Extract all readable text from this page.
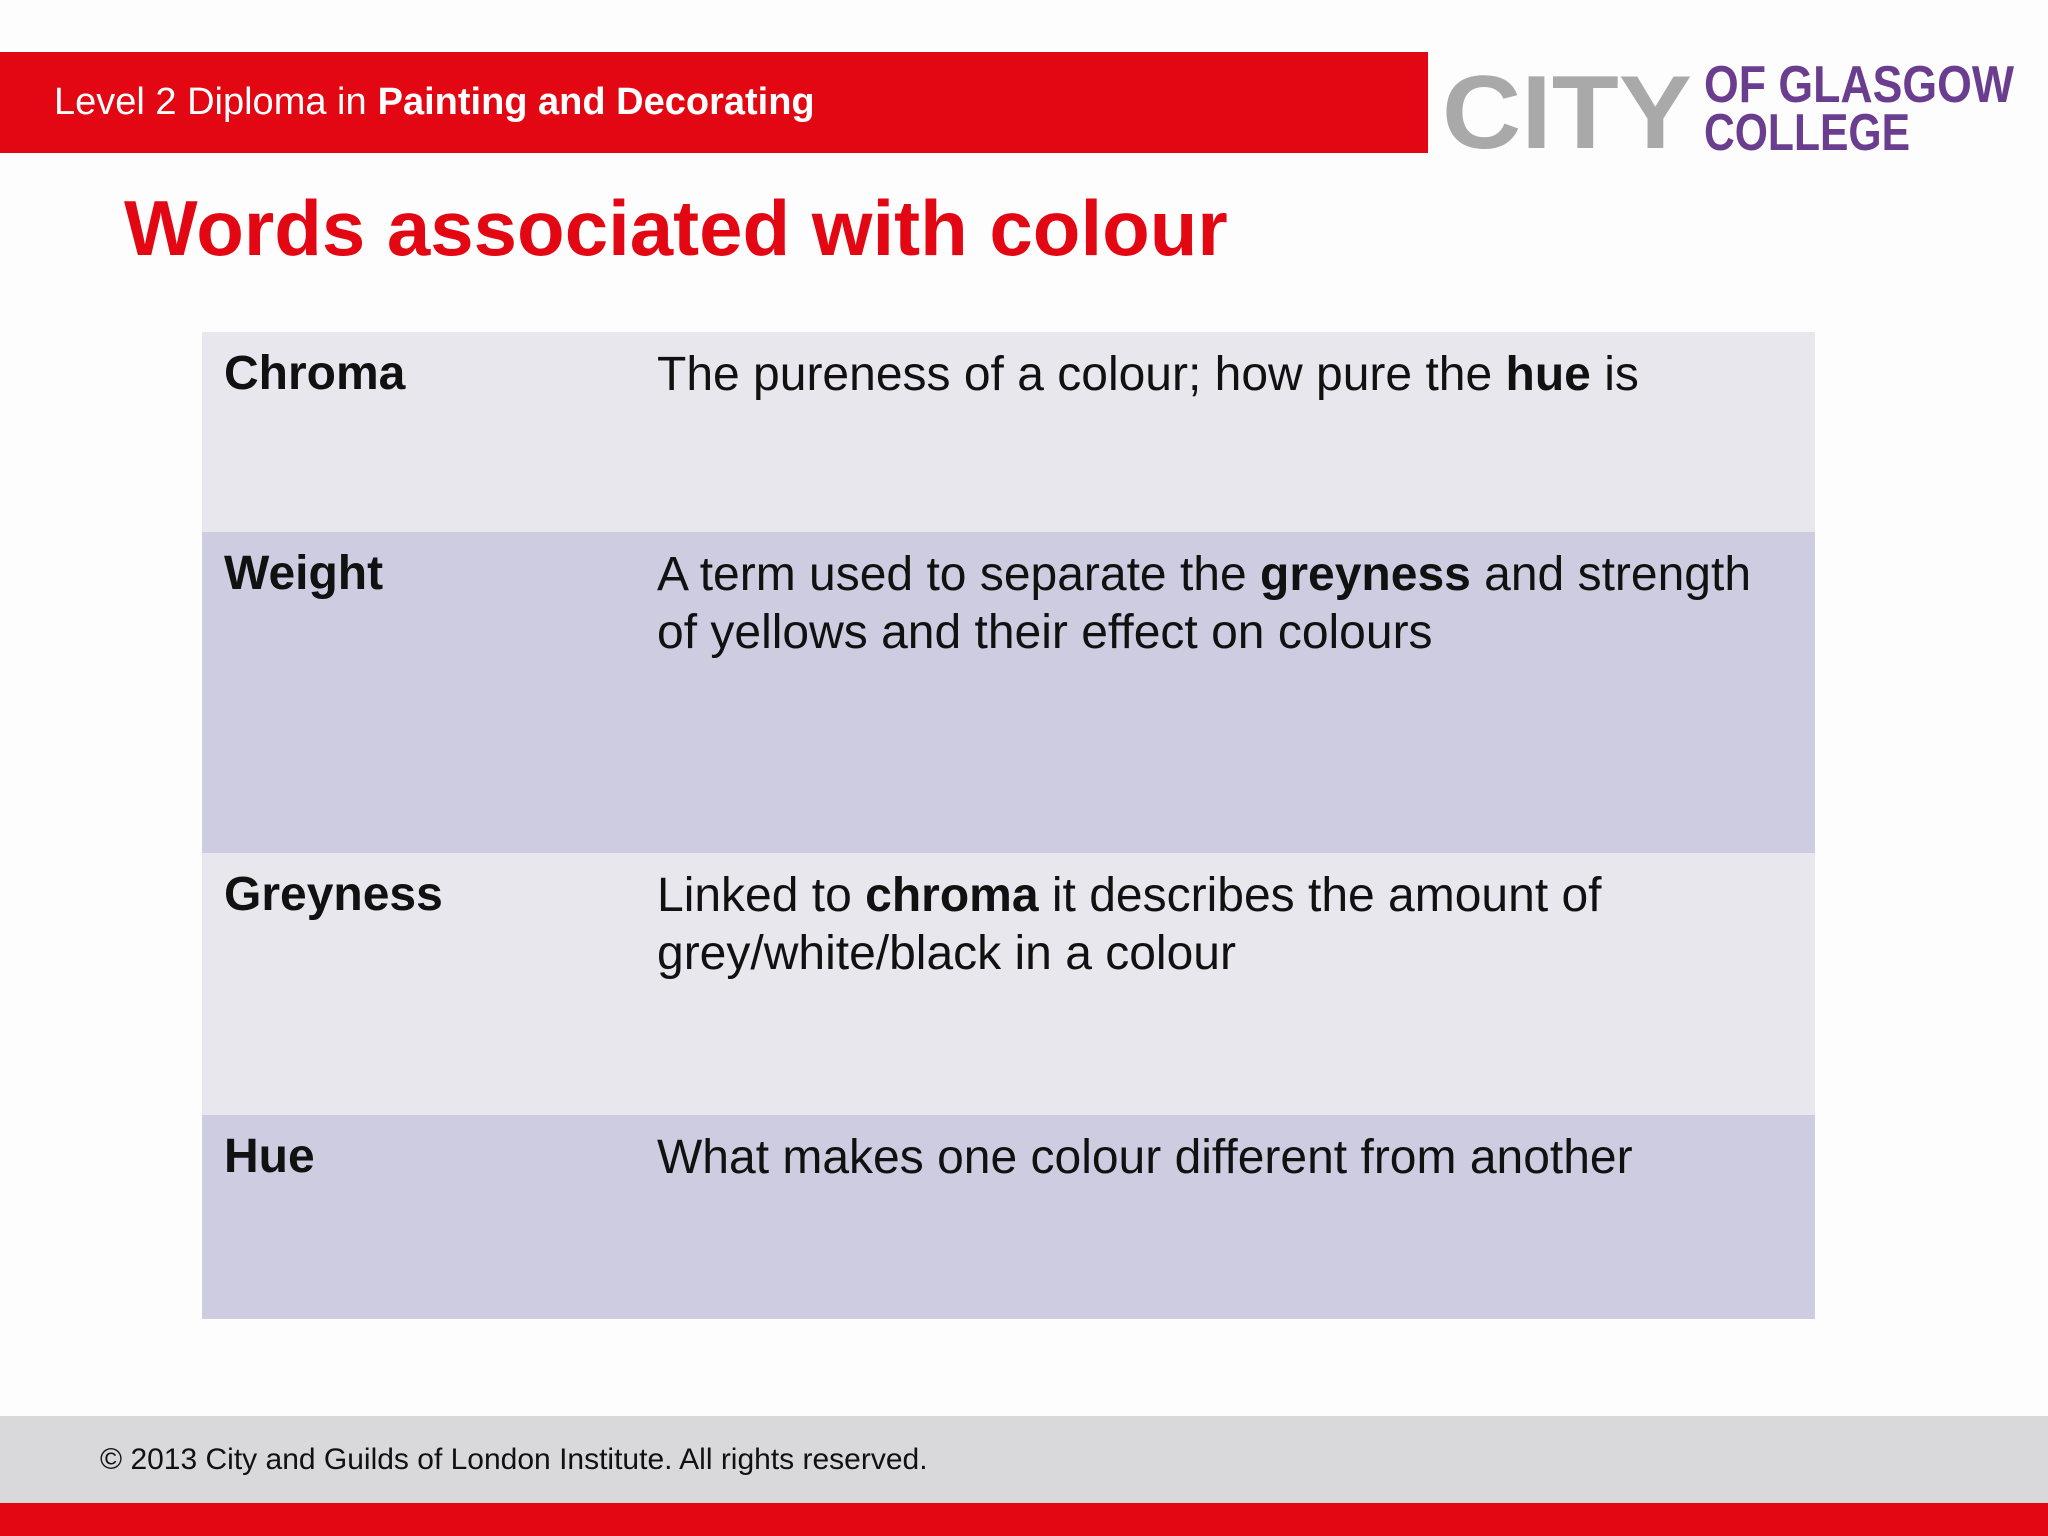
Level 2 Diploma in Painting and Decorating	CITY OF GLASGOW
COLLEGE
Words associated with colour
Chroma	The pureness of a colour; how pure the hue is
Weight	A term used to separate the greyness and strength of yellows and their effect on colours
Greyness	Linked to chroma it describes the amount of grey/white/black in a colour
Hue	What makes one colour different from another
© 2013 City and Guilds of London Institute. All rights reserved.
